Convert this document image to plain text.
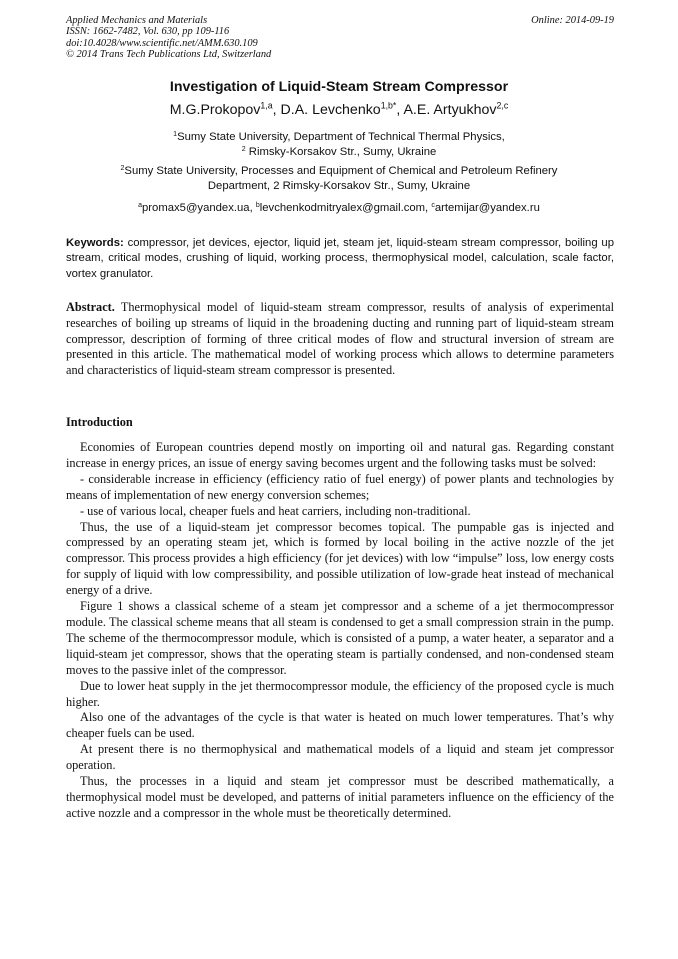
Applied Mechanics and Materials
ISSN: 1662-7482, Vol. 630, pp 109-116
doi:10.4028/www.scientific.net/AMM.630.109
© 2014 Trans Tech Publications Ltd, Switzerland
Online: 2014-09-19
Investigation of Liquid-Steam Stream Compressor
M.G.Prokopov$^{1,a}$, D.A. Levchenko$^{1,b*}$, A.E. Artyukhov$^{2,c}$
$^1$Sumy State University, Department of Technical Thermal Physics,
$^2$ Rimsky-Korsakov Str., Sumy, Ukraine
$^2$Sumy State University, Processes and Equipment of Chemical and Petroleum Refinery
Department, 2 Rimsky-Korsakov Str., Sumy, Ukraine
$^a$promax5@yandex.ua, $^b$levchenkodmitryalex@gmail.com, $^c$artemijar@yandex.ru
Keywords: compressor, jet devices, ejector, liquid jet, steam jet, liquid-steam stream compressor, boiling up stream, critical modes, crushing of liquid, working process, thermophysical model, calculation, scale factor, vortex granulator.
Abstract. Thermophysical model of liquid-steam stream compressor, results of analysis of experimental researches of boiling up streams of liquid in the broadening ducting and running part of liquid-steam stream compressor, description of forming of three critical modes of flow and structural inversion of stream are presented in this article. The mathematical model of working process which allows to determine parameters and characteristics of liquid-steam stream compressor is presented.
Introduction

Economies of European countries depend mostly on importing oil and natural gas. Regarding constant increase in energy prices, an issue of energy saving becomes urgent and the following tasks must be solved:

- considerable increase in efficiency (efficiency ratio of fuel energy) of power plants and technologies by means of implementation of new energy conversion schemes;

- use of various local, cheaper fuels and heat carriers, including non-traditional.

Thus, the use of a liquid-steam jet compressor becomes topical. The pumpable gas is injected and compressed by an operating steam jet, which is formed by local boiling in the active nozzle of the jet compressor. This process provides a high efficiency (for jet devices) with low “impulse” loss, low energy costs for supply of liquid with low compressibility, and possible utilization of low-grade heat instead of mechanical energy of a drive.

Figure 1 shows a classical scheme of a steam jet compressor and a scheme of a jet thermocompressor module. The classical scheme means that all steam is condensed to get a small compression strain in the pump. The scheme of the thermocompressor module, which is consisted of a pump, a water heater, a separator and a liquid-steam jet compressor, shows that the operating steam is partially condensed, and non-condensed steam moves to the passive inlet of the compressor.

Due to lower heat supply in the jet thermocompressor module, the efficiency of the proposed cycle is much higher.

Also one of the advantages of the cycle is that water is heated on much lower temperatures. That’s why cheaper fuels can be used.

At present there is no thermophysical and mathematical models of a liquid and steam jet compressor operation.

Thus, the processes in a liquid and steam jet compressor must be described mathematically, a thermophysical model must be developed, and patterns of initial parameters influence on the efficiency of the active nozzle and a compressor in the whole must be theoretically determined.
